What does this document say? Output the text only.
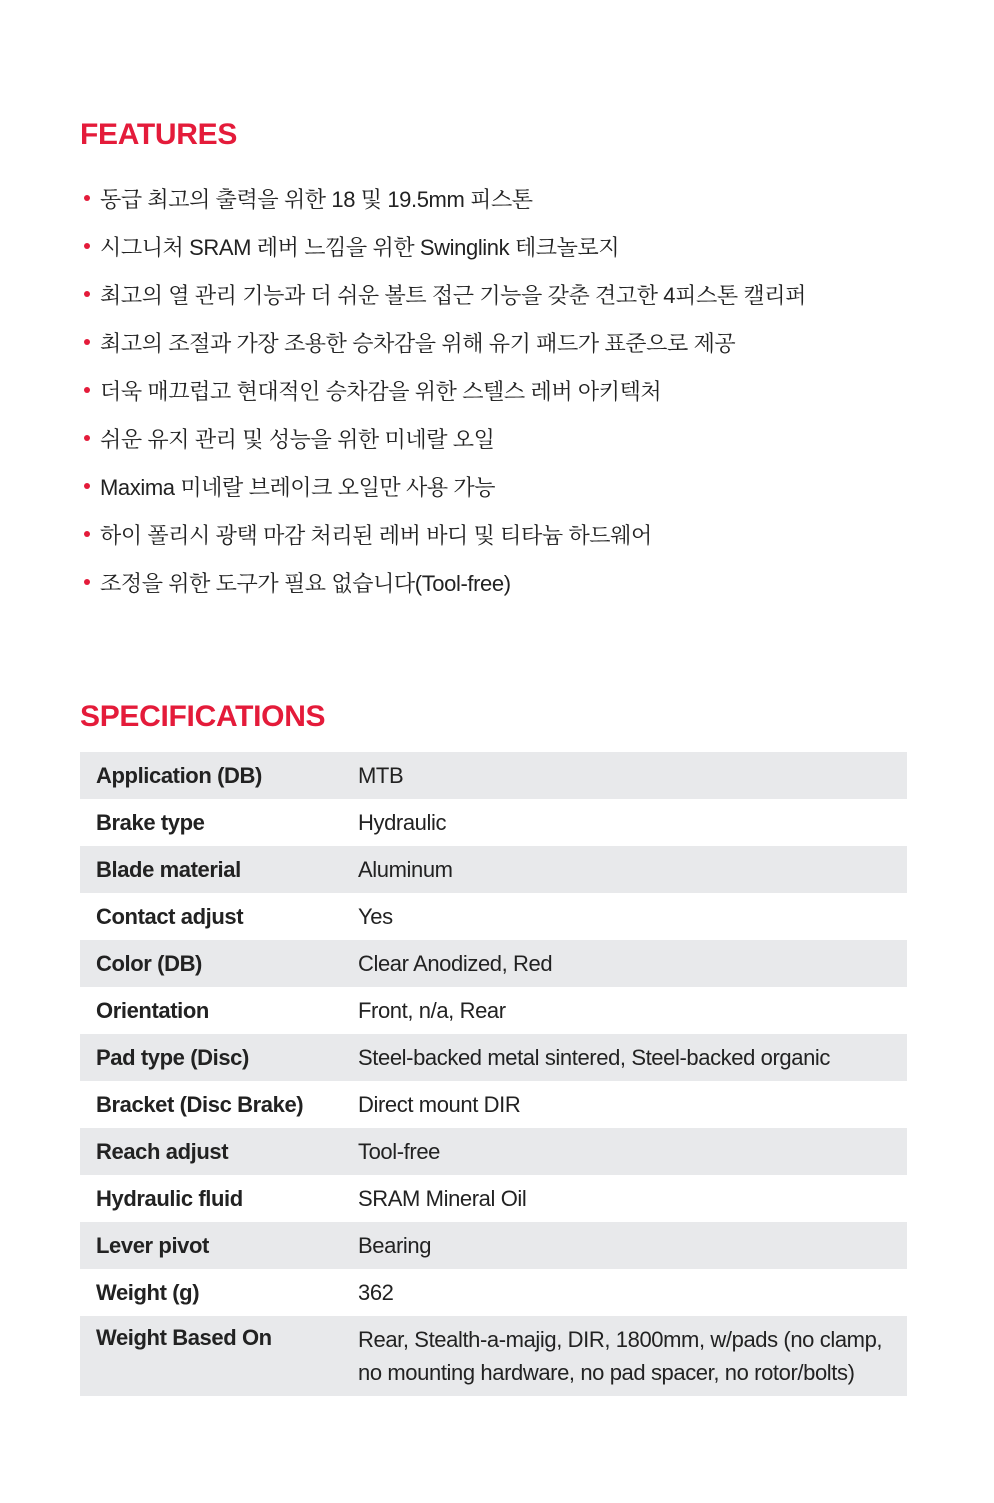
FEATURES
동급 최고의 출력을 위한 18 및 19.5mm 피스톤
시그니처 SRAM 레버 느낌을 위한 Swinglink 테크놀로지
최고의 열 관리 기능과 더 쉬운 볼트 접근 기능을 갖춘 견고한 4피스톤 캘리퍼
최고의 조절과 가장 조용한 승차감을 위해 유기 패드가 표준으로 제공
더욱 매끄럽고 현대적인 승차감을 위한 스텔스 레버 아키텍처
쉬운 유지 관리 및 성능을 위한 미네랄 오일
Maxima 미네랄 브레이크 오일만 사용 가능
하이 폴리시 광택 마감 처리된 레버 바디 및 티타늄 하드웨어
조정을 위한 도구가 필요 없습니다(Tool-free)
SPECIFICATIONS
Application (DB)	MTB
Brake type	Hydraulic
Blade material	Aluminum
Contact adjust	Yes
Color (DB)	Clear Anodized, Red
Orientation	Front, n/a, Rear
Pad type (Disc)	Steel-backed metal sintered, Steel-backed organic
Bracket (Disc Brake)	Direct mount DIR
Reach adjust	Tool-free
Hydraulic fluid	SRAM Mineral Oil
Lever pivot	Bearing
Weight (g)	362
Weight Based On	Rear, Stealth-a-majig, DIR, 1800mm, w/pads (no clamp,
no mounting hardware, no pad spacer, no rotor/bolts)
